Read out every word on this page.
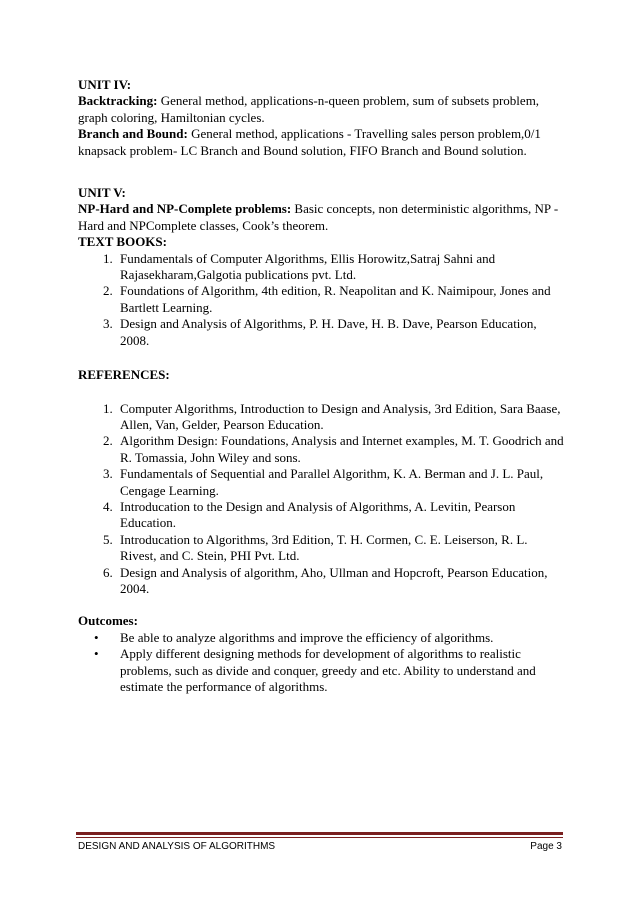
UNIT IV:

Backtracking: General method, applications-n-queen problem, sum of subsets problem, graph coloring, Hamiltonian cycles.

Branch and Bound: General method, applications - Travelling sales person problem,0/1 knapsack problem- LC Branch and Bound solution, FIFO Branch and Bound solution.

UNIT V:

NP-Hard and NP-Complete problems: Basic concepts, non deterministic algorithms, NP - Hard and NPComplete classes, Cook’s theorem.

TEXT BOOKS:

1. Fundamentals of Computer Algorithms, Ellis Horowitz,Satraj Sahni and Rajasekharam,Galgotia publications pvt. Ltd.
2. Foundations of Algorithm, 4th edition, R. Neapolitan and K. Naimipour, Jones and Bartlett Learning.
3. Design and Analysis of Algorithms, P. H. Dave, H. B. Dave, Pearson Education, 2008.

REFERENCES:

1. Computer Algorithms, Introduction to Design and Analysis, 3rd Edition, Sara Baase, Allen, Van, Gelder, Pearson Education.
2. Algorithm Design: Foundations, Analysis and Internet examples, M. T. Goodrich and R. Tomassia, John Wiley and sons.
3. Fundamentals of Sequential and Parallel Algorithm, K. A. Berman and J. L. Paul, Cengage Learning.
4. Introducation to the Design and Analysis of Algorithms, A. Levitin, Pearson Education.
5. Introducation to Algorithms, 3rd Edition, T. H. Cormen, C. E. Leiserson, R. L. Rivest, and C. Stein, PHI Pvt. Ltd.
6. Design and Analysis of algorithm, Aho, Ullman and Hopcroft, Pearson Education, 2004.

Outcomes:

• Be able to analyze algorithms and improve the efficiency of algorithms.
• Apply different designing methods for development of algorithms to realistic problems, such as divide and conquer, greedy and etc. Ability to understand and estimate the performance of algorithms.
DESIGN AND ANALYSIS OF ALGORITHMS	Page 3
